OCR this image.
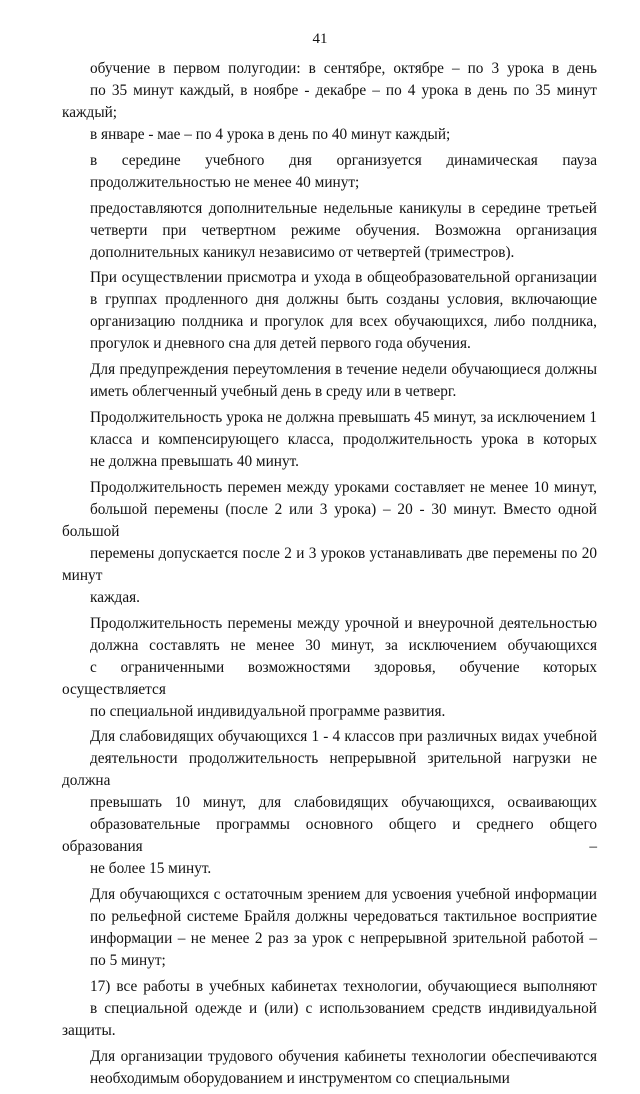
41
обучение в первом полугодии: в сентябре, октябре – по 3 урока в день
по 35 минут каждый, в ноябре - декабре – по 4 урока в день по 35 минут каждый;
в январе - мае – по 4 урока в день по 40 минут каждый;
в середине учебного дня организуется динамическая пауза
продолжительностью не менее 40 минут;
предоставляются дополнительные недельные каникулы в середине третьей
четверти при четвертном режиме обучения. Возможна организация
дополнительных каникул независимо от четвертей (триместров).
При осуществлении присмотра и ухода в общеобразовательной организации
в группах продленного дня должны быть созданы условия, включающие
организацию полдника и прогулок для всех обучающихся, либо полдника,
прогулок и дневного сна для детей первого года обучения.
Для предупреждения переутомления в течение недели обучающиеся должны
иметь облегченный учебный день в среду или в четверг.
Продолжительность урока не должна превышать 45 минут, за исключением 1
класса и компенсирующего класса, продолжительность урока в которых
не должна превышать 40 минут.
Продолжительность перемен между уроками составляет не менее 10 минут,
большой перемены (после 2 или 3 урока) – 20 - 30 минут. Вместо одной большой
перемены допускается после 2 и 3 уроков устанавливать две перемены по 20 минут
каждая.
Продолжительность перемены между урочной и внеурочной деятельностью
должна составлять не менее 30 минут, за исключением обучающихся
с ограниченными возможностями здоровья, обучение которых осуществляется
по специальной индивидуальной программе развития.
Для слабовидящих обучающихся 1 - 4 классов при различных видах учебной
деятельности продолжительность непрерывной зрительной нагрузки не должна
превышать 10 минут, для слабовидящих обучающихся, осваивающих
образовательные программы основного общего и среднего общего образования –
не более 15 минут.
Для обучающихся с остаточным зрением для усвоения учебной информации
по рельефной системе Брайля должны чередоваться тактильное восприятие
информации – не менее 2 раз за урок с непрерывной зрительной работой –
по 5 минут;
17) все работы в учебных кабинетах технологии, обучающиеся выполняют
в специальной одежде и (или) с использованием средств индивидуальной защиты.
Для организации трудового обучения кабинеты технологии обеспечиваются
необходимым оборудованием и инструментом со специальными
